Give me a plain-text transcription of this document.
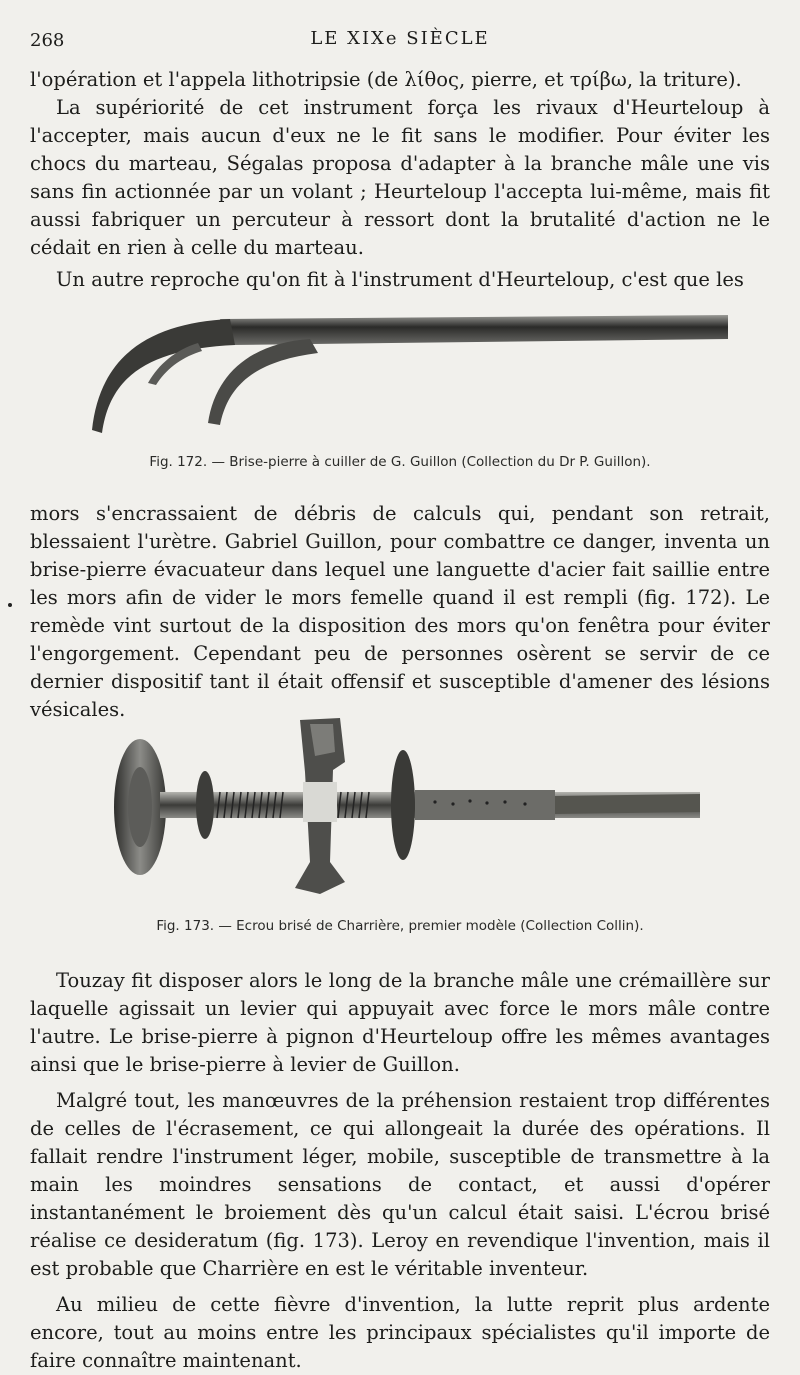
268	LE XIXe SIÈCLE

l'opération et l'appela lithotripsie (de λίθος, pierre, et τρίβω, la triture).

La supériorité de cet instrument força les rivaux d'Heurteloup à l'accepter, mais aucun d'eux ne le fit sans le modifier. Pour éviter les chocs du marteau, Ségalas proposa d'adapter à la branche mâle une vis sans fin actionnée par un volant ; Heurteloup l'accepta lui-même, mais fit aussi fabriquer un percuteur à ressort dont la brutalité d'action ne le cédait en rien à celle du marteau.

Un autre reproche qu'on fit à l'instrument d'Heurteloup, c'est que les

Fig. 172. — Brise-pierre à cuiller de G. Guillon (Collection du Dr P. Guillon).

mors s'encrassaient de débris de calculs qui, pendant son retrait, blessaient l'urètre. Gabriel Guillon, pour combattre ce danger, inventa un brise-pierre évacuateur dans lequel une languette d'acier fait saillie entre les mors afin de vider le mors femelle quand il est rempli (fig. 172). Le remède vint surtout de la disposition des mors qu'on fenêtra pour éviter l'engorgement. Cependant peu de personnes osèrent se servir de ce dernier dispositif tant il était offensif et susceptible d'amener des lésions vésicales.

Fig. 173. — Ecrou brisé de Charrière, premier modèle (Collection Collin).

Touzay fit disposer alors le long de la branche mâle une crémaillère sur laquelle agissait un levier qui appuyait avec force le mors mâle contre l'autre. Le brise-pierre à pignon d'Heurteloup offre les mêmes avantages ainsi que le brise-pierre à levier de Guillon.

Malgré tout, les manœuvres de la préhension restaient trop différentes de celles de l'écrasement, ce qui allongeait la durée des opérations. Il fallait rendre l'instrument léger, mobile, susceptible de transmettre à la main les moindres sensations de contact, et aussi d'opérer instantanément le broiement dès qu'un calcul était saisi. L'écrou brisé réalise ce desideratum (fig. 173). Leroy en revendique l'invention, mais il est probable que Charrière en est le véritable inventeur.

Au milieu de cette fièvre d'invention, la lutte reprit plus ardente encore, tout au moins entre les principaux spécialistes qu'il importe de faire connaître maintenant.
